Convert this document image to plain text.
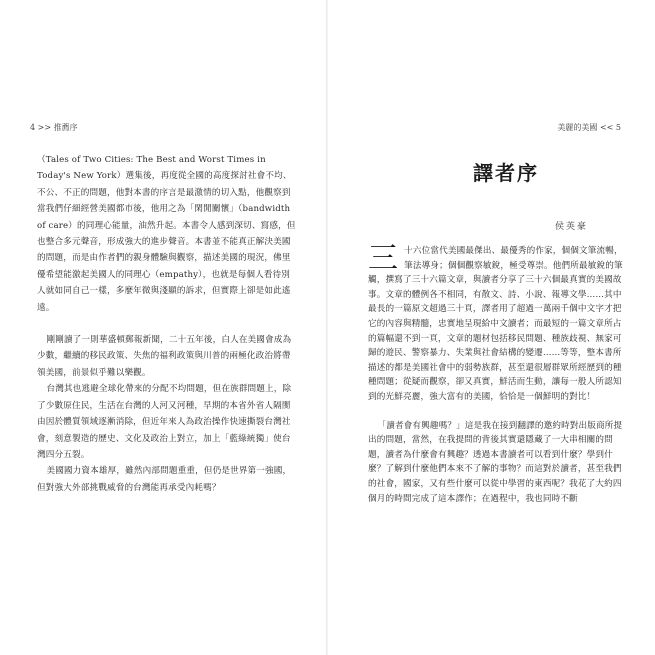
4 >> 推薦序

（Tales of Two Cities: The Best and Worst Times in Today's New York）選集後，再度從全國的高度探討社會不均、不公、不正的問題，他對本書的序言是最激情的切入點，他觀察到當我們仔細經營美國都市後，他用之為「閑閒關懷」（bandwidth of care）的同理心能量，油然升起。本書令人感到深切、寫感，但也整合多元聲音，形成強大的進步聲音。本書並不能真正解決美國的問題，而是由作者們的親身體驗與觀察，描述美國的現況，佛里優希望能激起美國人的同理心（empathy），也就是每個人看待別人就如同自己一樣，多麼年微與淺顯的訴求，但實際上卻是如此遙遠。

剛剛讀了一則華盛頓郵報新聞，二十五年後，白人在美國會成為少數，繼續的移民政策、失焦的福利政策與川普的兩極化政治將帶領美國，前景似乎難以樂觀。

台灣其也逃避全球化帶來的分配不均問題，但在族群問題上，除了少數原住民，生活在台灣的人河又河種，早期的本省外省人隔閡由因於體質領域逐漸消除，但近年來人為政治操作快速撕裂台灣社會，刻意製造的歷史、文化及政治上對立，加上「藍綠統獨」使台灣四分五裂。

美國國力資本雄厚，雖然內部問題重重，但仍是世界第一強國，但對強大外部挑戰威脅的台灣能再承受內耗嗎？

美麗的美國 << 5
譯者序
侯英豪

三十六位當代美國最傑出、最優秀的作家，個個文筆流暢，筆法導身；個個觀察敏銳，極受尊崇。他們所最敏銳的筆觸，撰寫了三十六篇文章，與讀者分享了三十六個最真實的美國故事。文章的體例各不相同，有散文、詩、小說、報導文學……其中最長的一篇原文超過三十頁，譯者用了超過一萬兩千個中文字才把它的內容與精髓，忠實地呈現給中文讀者；而最短的一篇文章所占的篇幅還不到一頁，文章的題材包括移民問題、種族歧視、無家可歸的遊民、警察暴力、失業與社會結構的變遷……等等，整本書所描述的都是美國社會中的弱勢族群，甚至還很層群眾所經歷到的種種問題；從疑而觀察，卻又真實，鮮活而生動，讓每一般人所認知到的光鮮亮麗，強大富有的美國，恰恰是一個鮮明的對比！

「讀者會有興趣嗎？」這是我在接到翻譯的邀約時對出版商所提出的問題，當然，在我提問的背後其實還隱藏了一大串相關的問題，讀者為什麼會有興趣？透過本書讀者可以看到什麼？學到什麼？了解到什麼他們本來不了解的事物？而這對於讀者，甚至我們的社會，國家，又有些什麼可以從中學習的東西呢？我花了大約四個月的時間完成了這本譯作；在過程中，我也同時不斷
